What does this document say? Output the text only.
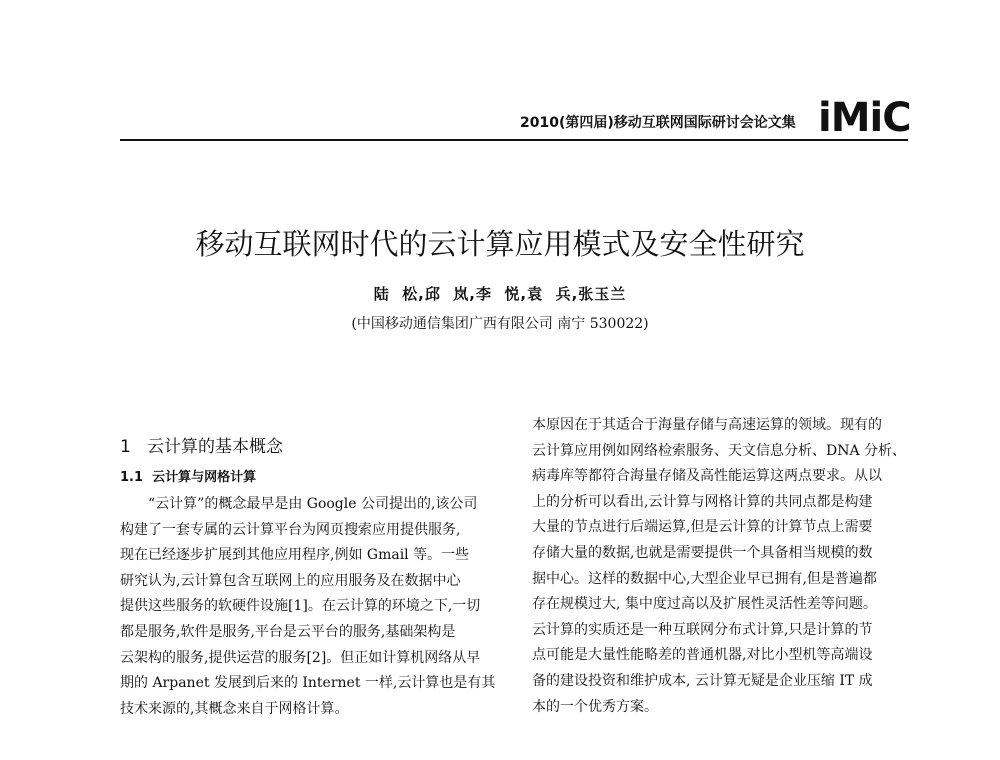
2010(第四届)移动互联网国际研讨会论文集 iMiC
移动互联网时代的云计算应用模式及安全性研究
陆  松,邱  岚,李  悦,袁  兵,张玉兰
(中国移动通信集团广西有限公司 南宁 530022)
1   云计算的基本概念
1.1  云计算与网格计算
“云计算”的概念最早是由 Google 公司提出的,该公司
构建了一套专属的云计算平台为网页搜索应用提供服务,
现在已经逐步扩展到其他应用程序,例如 Gmail 等。一些
研究认为,云计算包含互联网上的应用服务及在数据中心
提供这些服务的软硬件设施[1]。在云计算的环境之下,一切
都是服务,软件是服务,平台是云平台的服务,基础架构是
云架构的服务,提供运营的服务[2]。但正如计算机网络从早
期的 Arpanet 发展到后来的 Internet 一样,云计算也是有其
技术来源的,其概念来自于网格计算。
本原因在于其适合于海量存储与高速运算的领域。现有的
云计算应用例如网络检索服务、天文信息分析、DNA 分析、
病毒库等都符合海量存储及高性能运算这两点要求。从以
上的分析可以看出,云计算与网格计算的共同点都是构建
大量的节点进行后端运算,但是云计算的计算节点上需要
存储大量的数据,也就是需要提供一个具备相当规模的数
据中心。这样的数据中心,大型企业早已拥有,但是普遍都
存在规模过大, 集中度过高以及扩展性灵活性差等问题。
云计算的实质还是一种互联网分布式计算,只是计算的节
点可能是大量性能略差的普通机器,对比小型机等高端设
备的建设投资和维护成本, 云计算无疑是企业压缩 IT 成
本的一个优秀方案。
